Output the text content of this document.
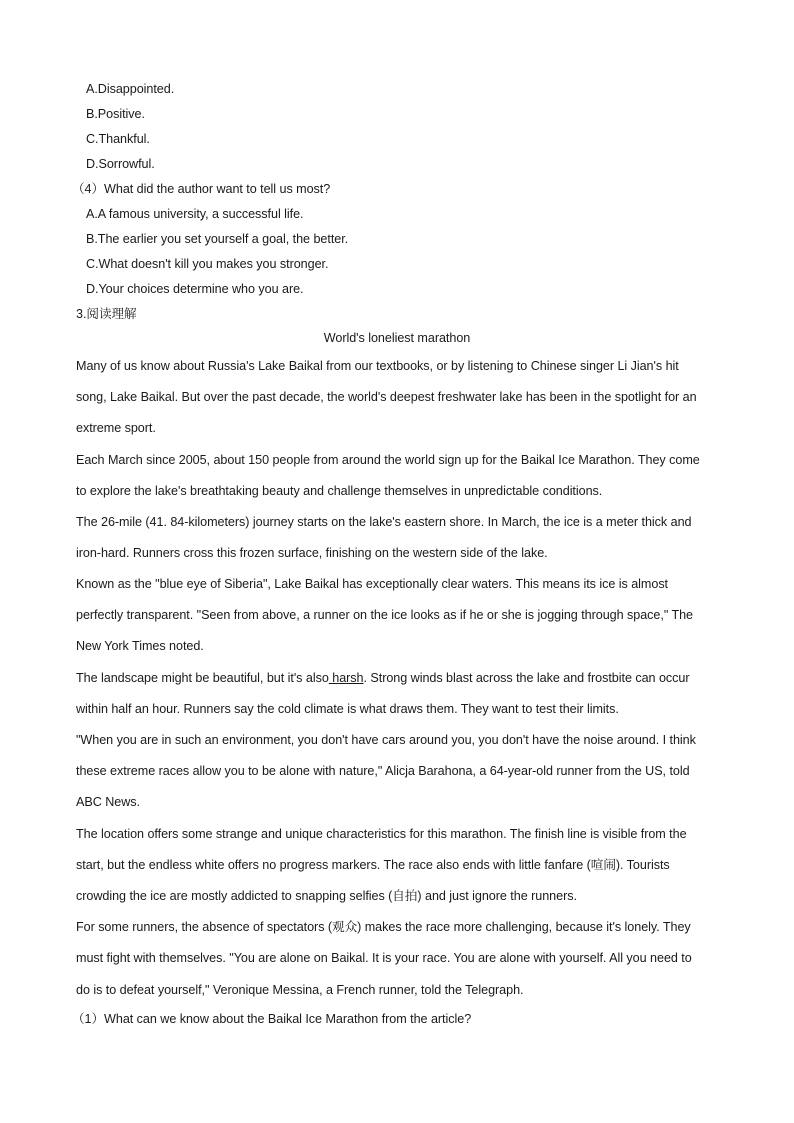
A.Disappointed.
B.Positive.
C.Thankful.
D.Sorrowful.
（4）What did the author want to tell us most?
A.A famous university, a successful life.
B.The earlier you set yourself a goal, the better.
C.What doesn't kill you makes you stronger.
D.Your choices determine who you are.
3.阅读理解
World's loneliest marathon
Many of us know about Russia's Lake Baikal from our textbooks, or by listening to Chinese singer Li Jian's hit
song, Lake Baikal. But over the past decade, the world's deepest freshwater lake has been in the spotlight for an
extreme sport.
Each March since 2005, about 150 people from around the world sign up for the Baikal Ice Marathon. They come
to explore the lake's breathtaking beauty and challenge themselves in unpredictable conditions.
The 26-mile (41. 84-kilometers) journey starts on the lake's eastern shore. In March, the ice is a meter thick and
iron-hard. Runners cross this frozen surface, finishing on the western side of the lake.
Known as the "blue eye of Siberia", Lake Baikal has exceptionally clear waters. This means its ice is almost
perfectly transparent. "Seen from above, a runner on the ice looks as if he or she is jogging through space," The
New York Times noted.
The landscape might be beautiful, but it's also harsh. Strong winds blast across the lake and frostbite can occur
within half an hour. Runners say the cold climate is what draws them. They want to test their limits.
"When you are in such an environment, you don't have cars around you, you don't have the noise around. I think
these extreme races allow you to be alone with nature," Alicja Barahona, a 64-year-old runner from the US, told
ABC News.
The location offers some strange and unique characteristics for this marathon. The finish line is visible from the
start, but the endless white offers no progress markers. The race also ends with little fanfare (喧闹). Tourists
crowding the ice are mostly addicted to snapping selfies (自拍) and just ignore the runners.
For some runners, the absence of spectators (观众) makes the race more challenging, because it's lonely. They
must fight with themselves. "You are alone on Baikal. It is your race. You are alone with yourself. All you need to
do is to defeat yourself," Veronique Messina, a French runner, told the Telegraph.
（1）What can we know about the Baikal Ice Marathon from the article?
